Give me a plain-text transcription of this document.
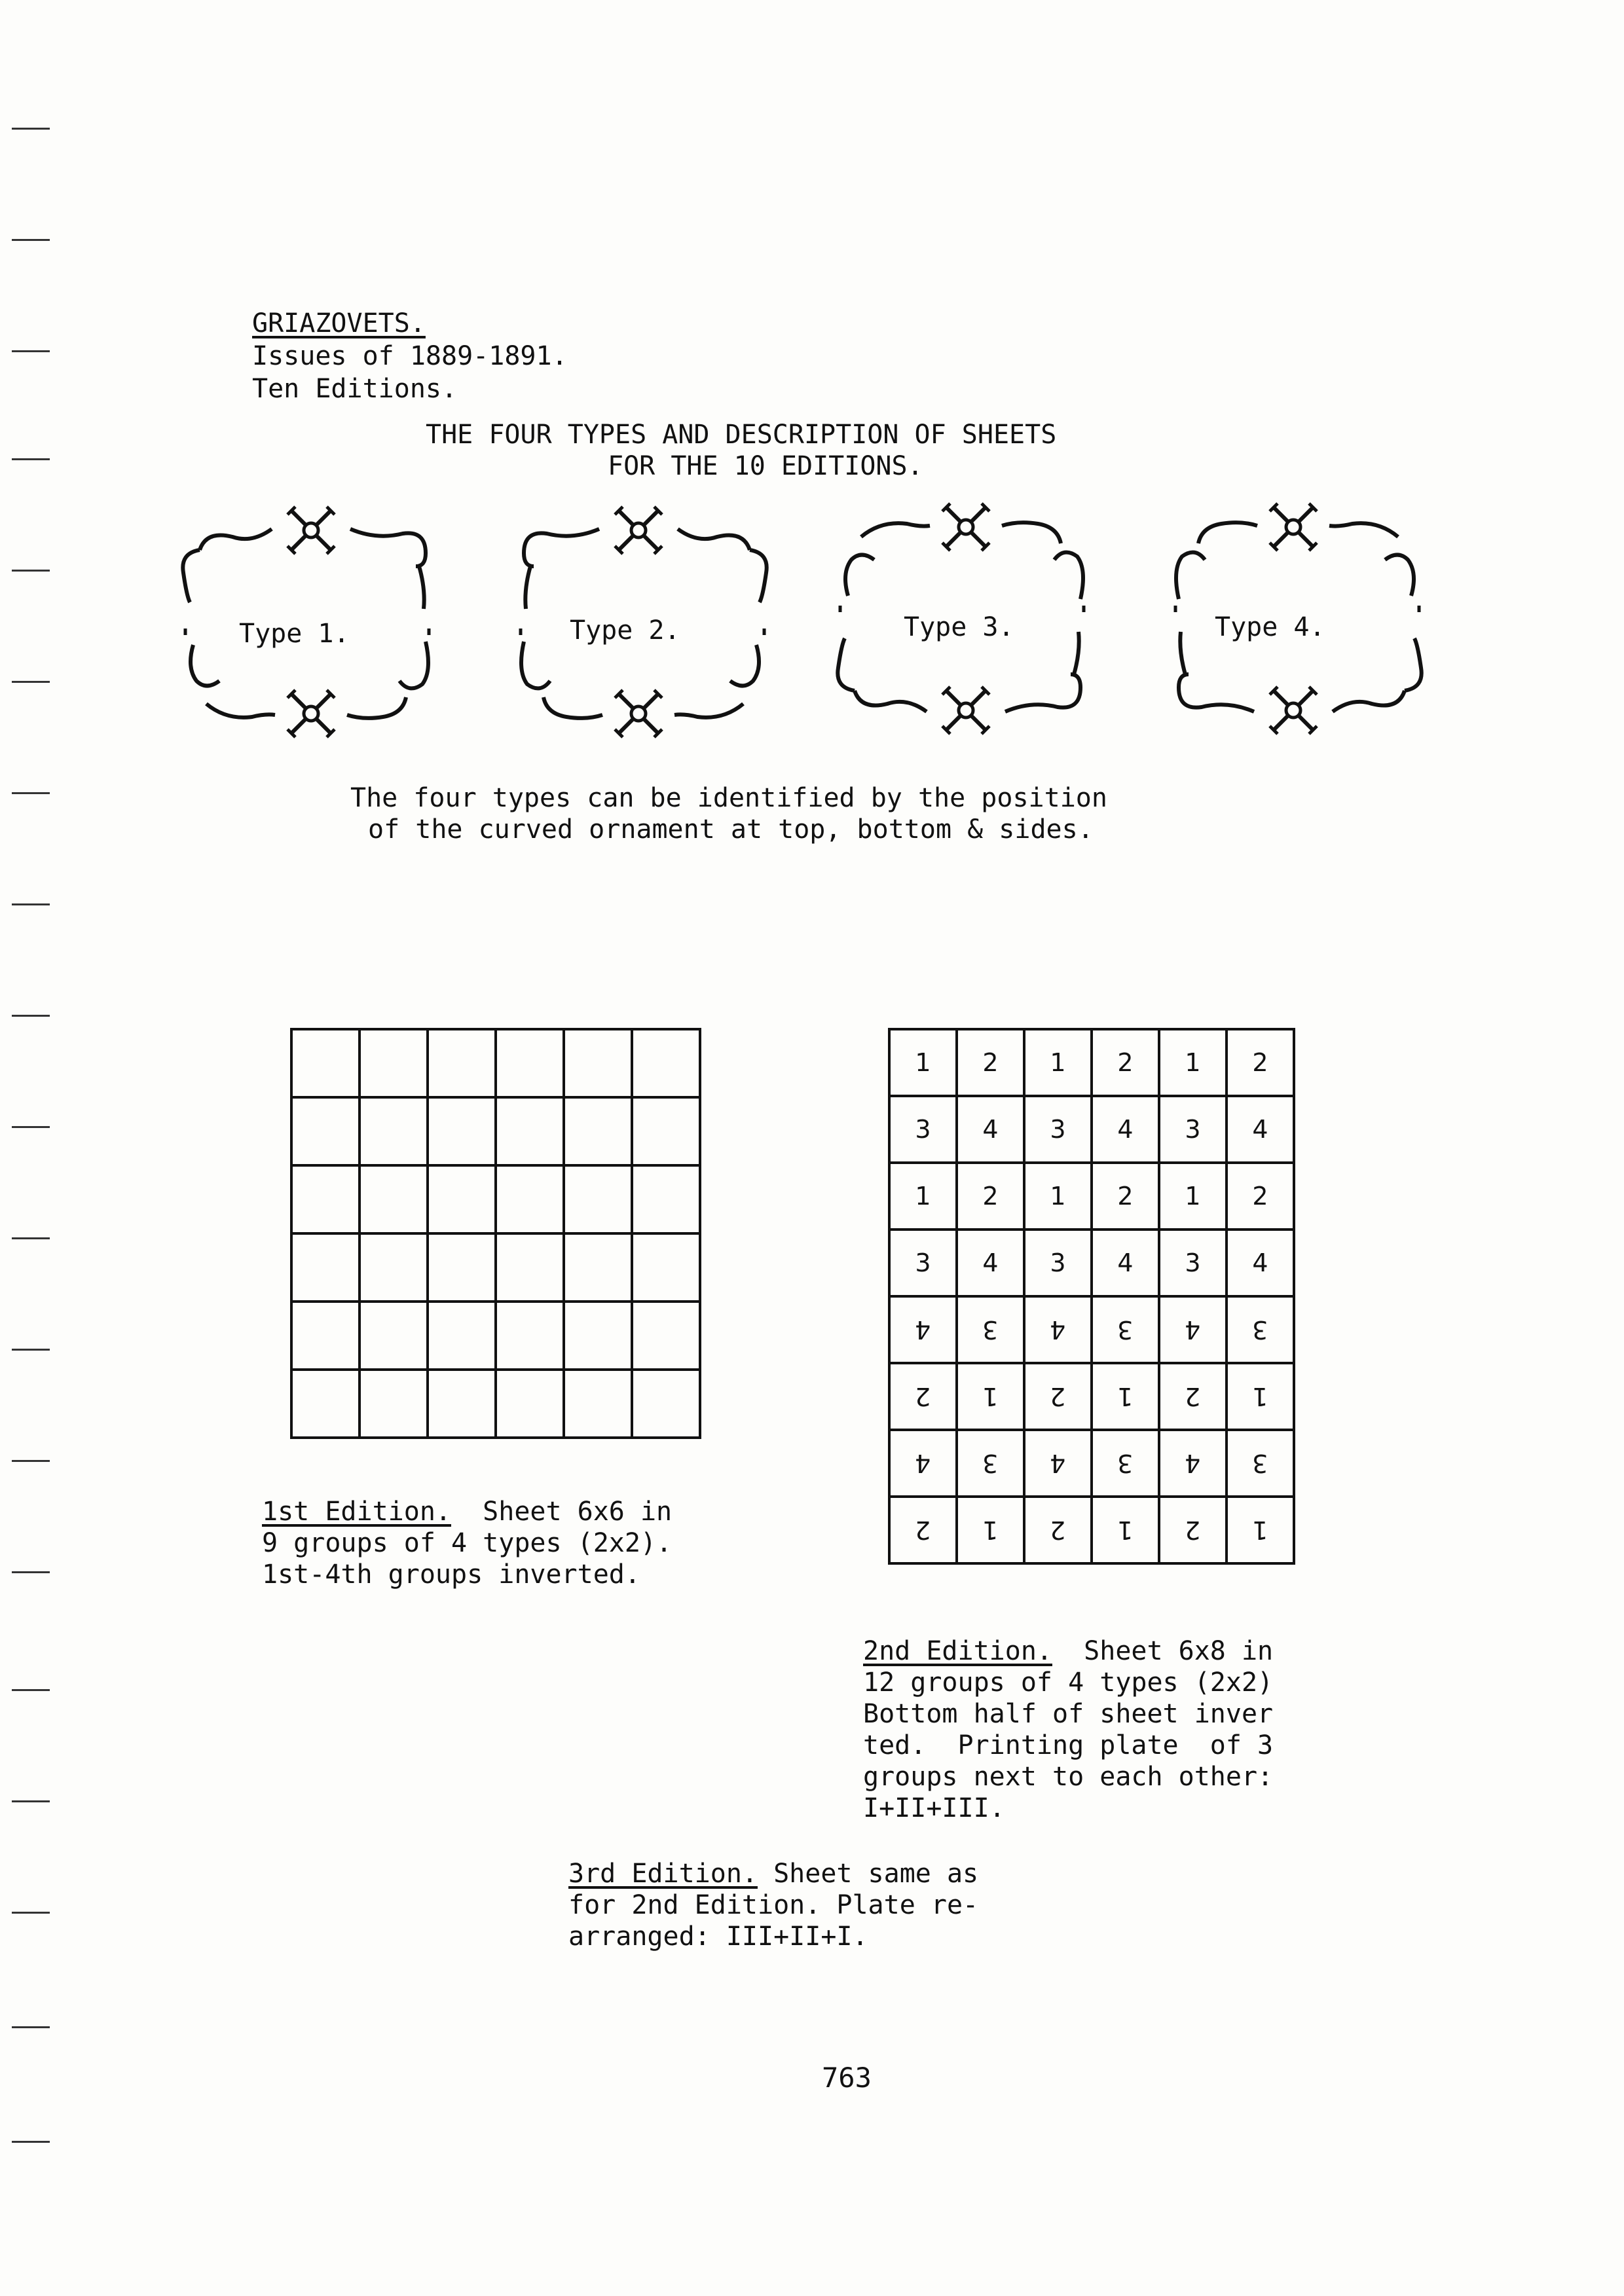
GRIAZOVETS.
Issues of 1889-1891.
Ten Editions.
THE FOUR TYPES AND DESCRIPTION OF SHEETS
FOR THE 10 EDITIONS.
Type 1.	Type 2.	Type 3.	Type 4.
The four types can be identified by the position
of the curved ornament at top, bottom & sides.

1	2	1	2	1	2
3	4	3	4	3	4
1	2	1	2	1	2
3	4	3	4	3	4
4	3	4	3	4	3
2	1	2	1	2	1
4	3	4	3	4	3
2	1	2	1	2	1
1st Edition.  Sheet 6x6 in
9 groups of 4 types (2x2).
1st-4th groups inverted.
2nd Edition.  Sheet 6x8 in
12 groups of 4 types (2x2)
Bottom half of sheet inver
ted.  Printing plate  of 3
groups next to each other:
I+II+III.
3rd Edition. Sheet same as
for 2nd Edition. Plate re-
arranged: III+II+I.
763
